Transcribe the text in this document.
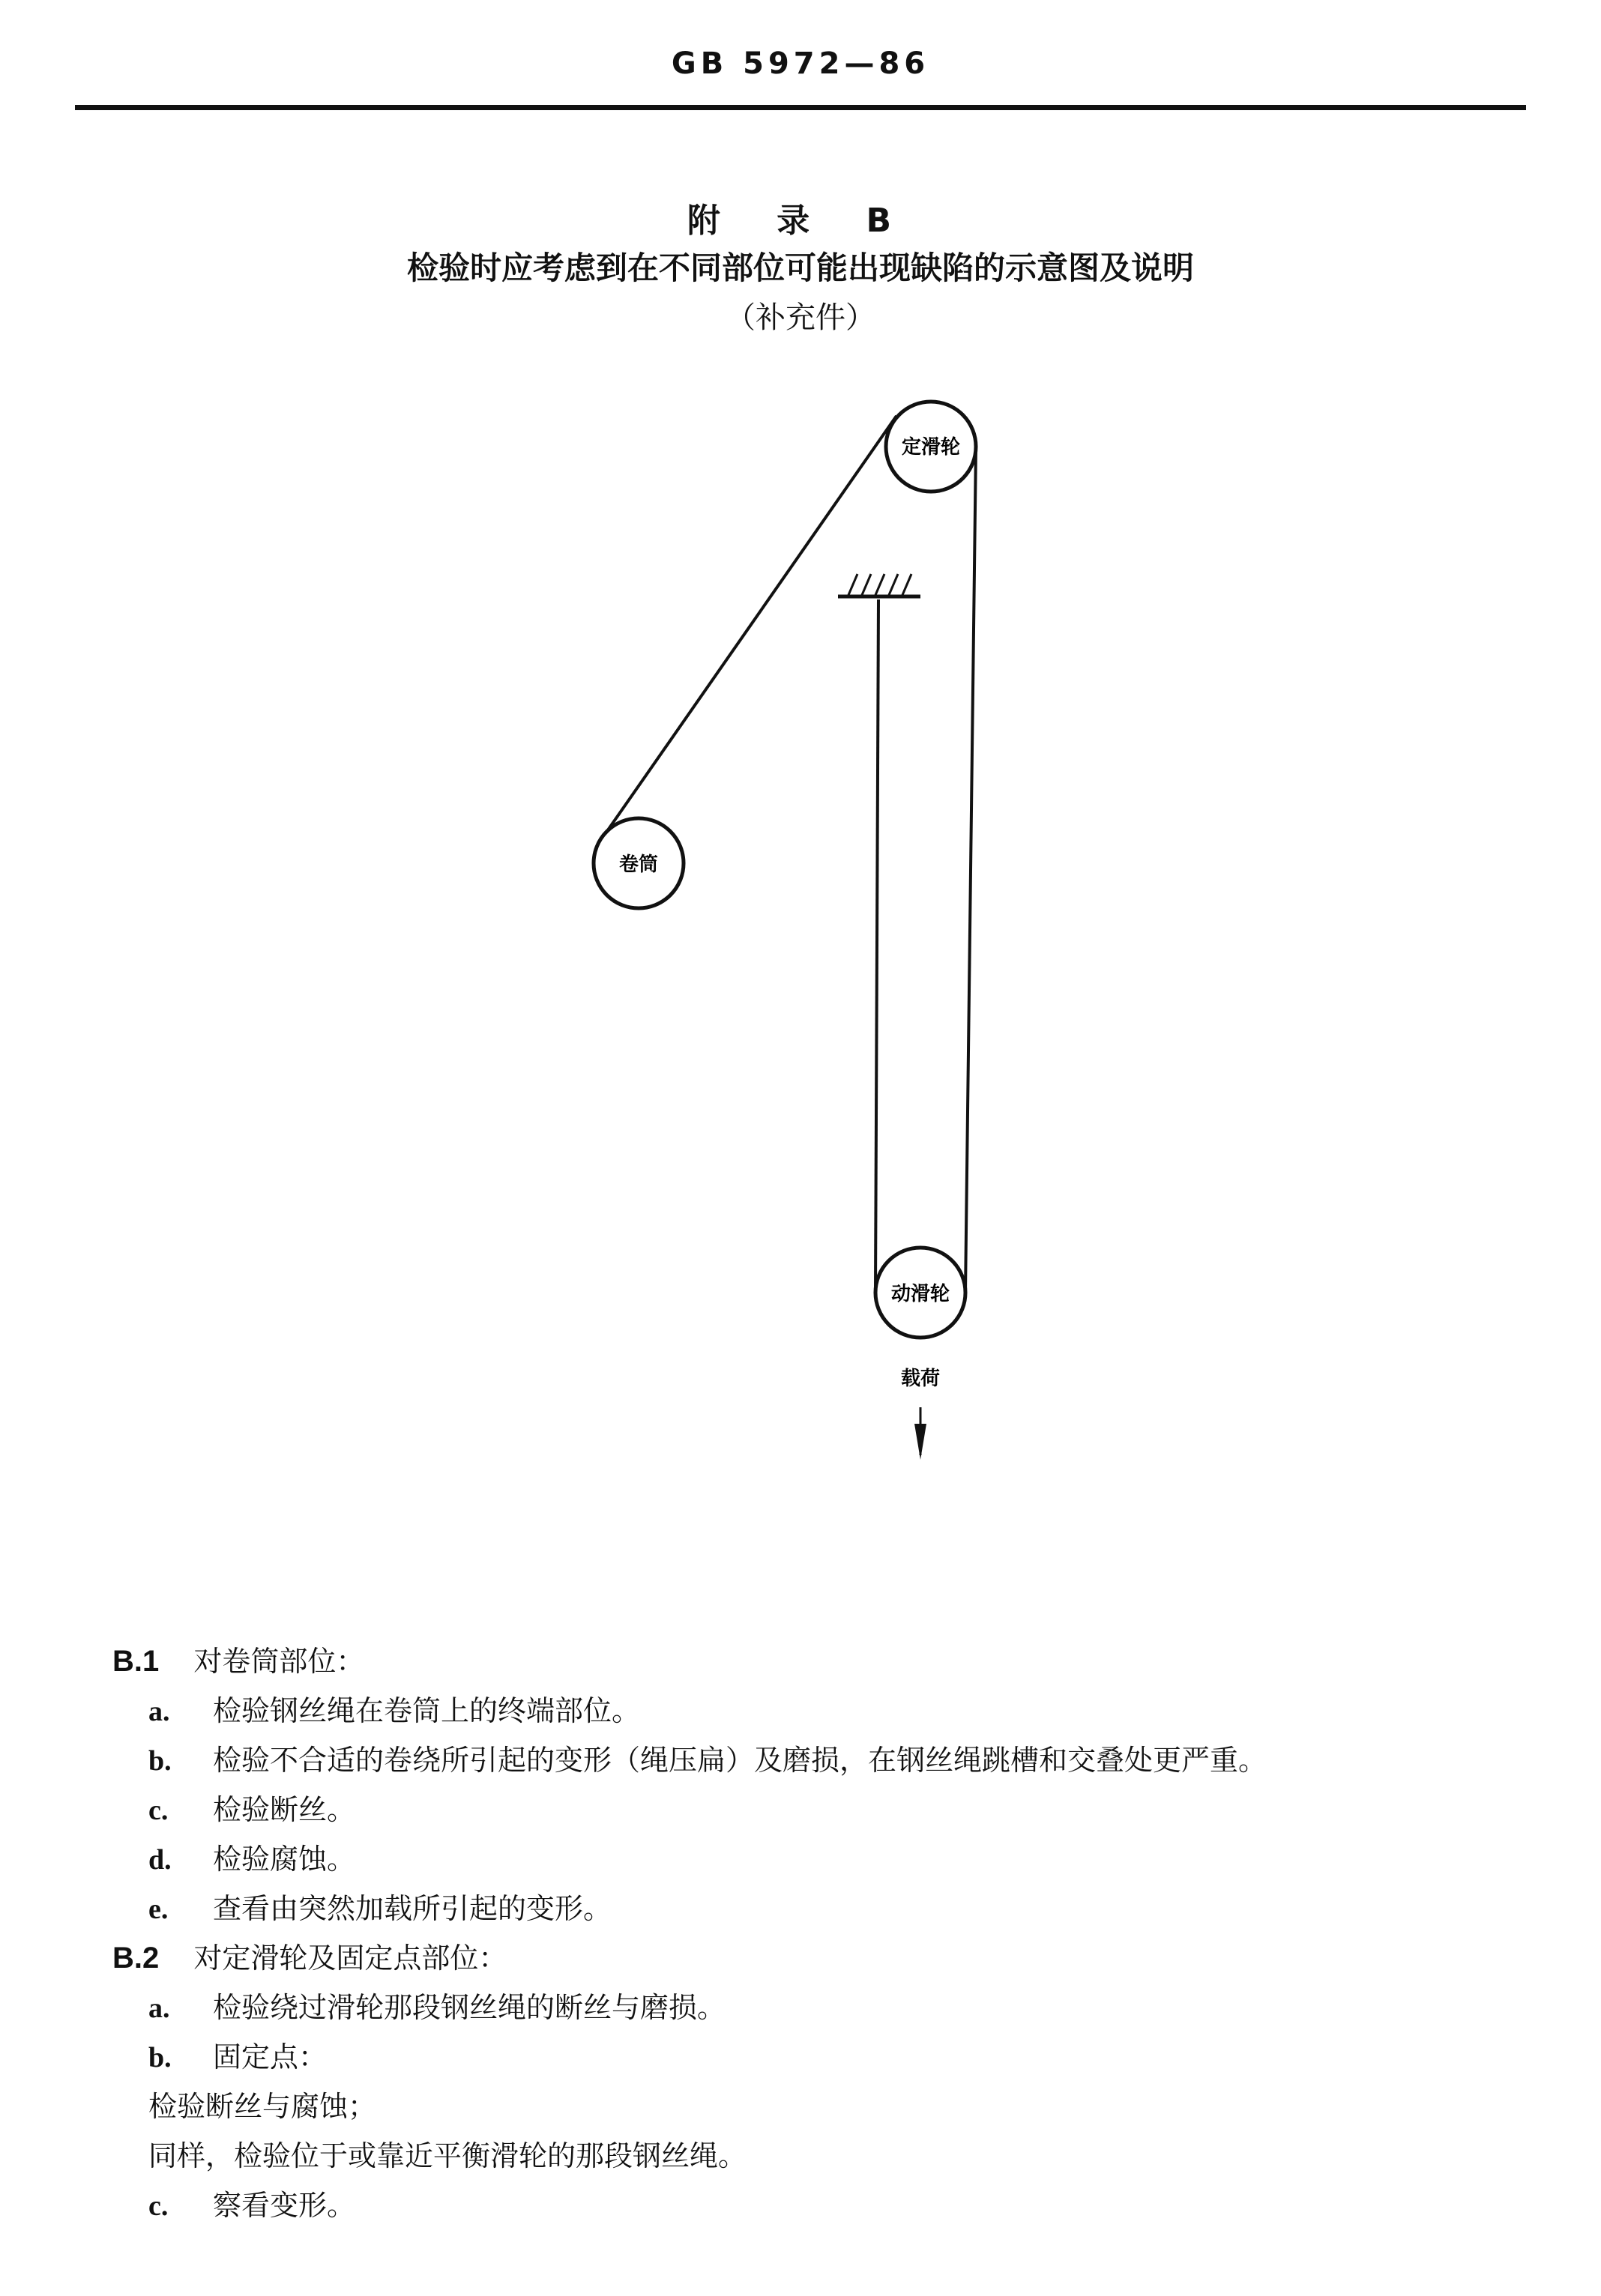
GB 5972—86
附 录 B
检验时应考虑到在不同部位可能出现缺陷的示意图及说明
（补充件）
定滑轮
卷筒
动滑轮
载荷
B.1 对卷筒部位：
a. 检验钢丝绳在卷筒上的终端部位。
b. 检验不合适的卷绕所引起的变形（绳压扁）及磨损，在钢丝绳跳槽和交叠处更严重。
c. 检验断丝。
d. 检验腐蚀。
e. 查看由突然加载所引起的变形。
B.2 对定滑轮及固定点部位：
a. 检验绕过滑轮那段钢丝绳的断丝与磨损。
b. 固定点：
检验断丝与腐蚀；
同样，检验位于或靠近平衡滑轮的那段钢丝绳。
c. 察看变形。
